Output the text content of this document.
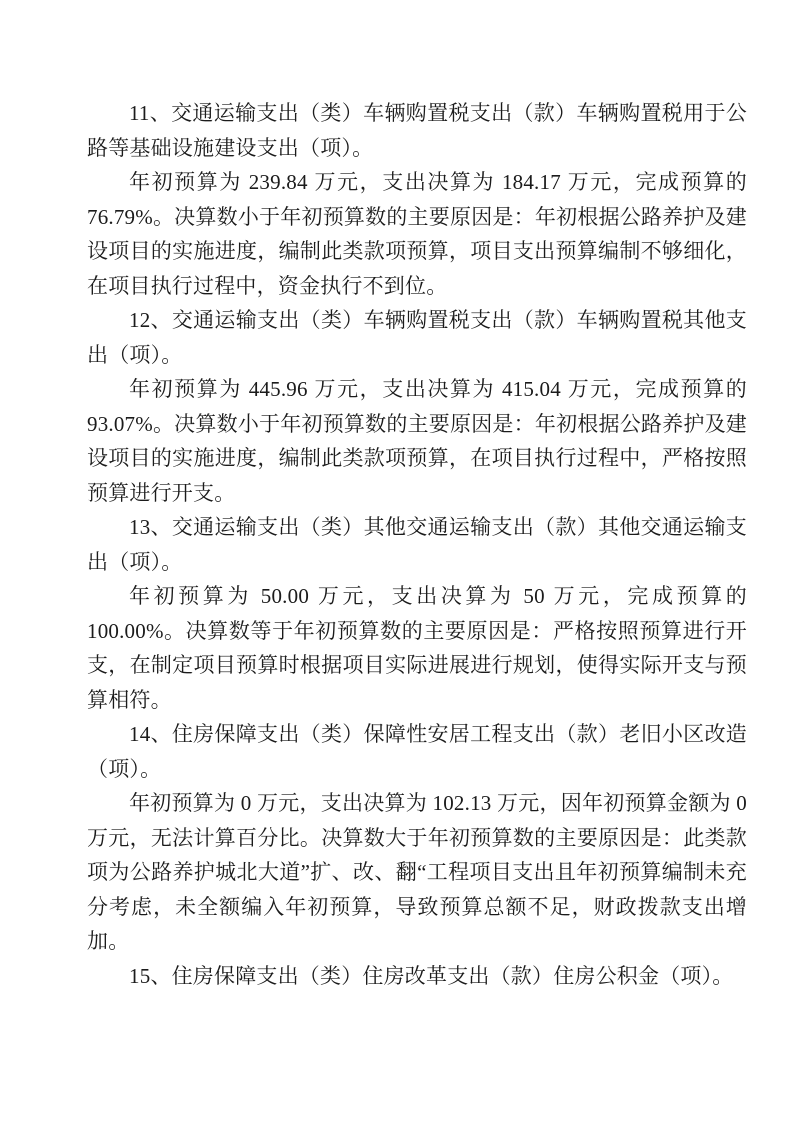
11、交通运输支出（类）车辆购置税支出（款）车辆购置税用于公路等基础设施建设支出（项）。

年初预算为 239.84 万元，支出决算为 184.17 万元，完成预算的 76.79%。决算数小于年初预算数的主要原因是：年初根据公路养护及建设项目的实施进度，编制此类款项预算，项目支出预算编制不够细化，在项目执行过程中，资金执行不到位。

12、交通运输支出（类）车辆购置税支出（款）车辆购置税其他支出（项）。

年初预算为 445.96 万元，支出决算为 415.04 万元，完成预算的 93.07%。决算数小于年初预算数的主要原因是：年初根据公路养护及建设项目的实施进度，编制此类款项预算，在项目执行过程中，严格按照预算进行开支。

13、交通运输支出（类）其他交通运输支出（款）其他交通运输支出（项）。

年初预算为 50.00 万元，支出决算为 50 万元，完成预算的 100.00%。决算数等于年初预算数的主要原因是：严格按照预算进行开支，在制定项目预算时根据项目实际进展进行规划，使得实际开支与预算相符。

14、住房保障支出（类）保障性安居工程支出（款）老旧小区改造（项）。

年初预算为 0 万元，支出决算为 102.13 万元，因年初预算金额为 0 万元，无法计算百分比。决算数大于年初预算数的主要原因是：此类款项为公路养护城北大道”扩、改、翻“工程项目支出且年初预算编制未充分考虑，未全额编入年初预算，导致预算总额不足，财政拨款支出增加。

15、住房保障支出（类）住房改革支出（款）住房公积金（项）。
